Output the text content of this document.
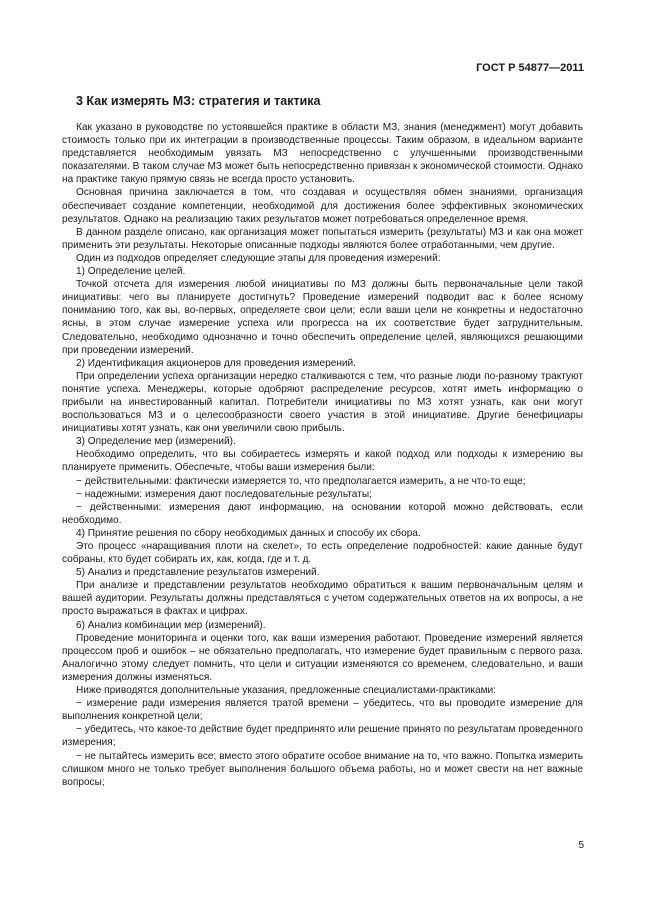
ГОСТ Р 54877—2011
3 Как измерять МЗ: стратегия и тактика

Как указано в руководстве по устоявшейся практике в области МЗ, знания (менеджмент) могут добавить стоимость только при их интеграции в производственные процессы. Таким образом, в идеальном варианте представляется необходимым увязать МЗ непосредственно с улучшенными производственными показателями. В таком случае МЗ может быть непосредственно привязан к экономической стоимости. Однако на практике такую прямую связь не всегда просто установить.

Основная причина заключается в том, что создавая и осуществляя обмен знаниями, организация обеспечивает создание компетенции, необходимой для достижения более эффективных экономических результатов. Однако на реализацию таких результатов может потребоваться определенное время.

В данном разделе описано, как организация может попытаться измерить (результаты) МЗ и как она может применить эти результаты. Некоторые описанные подходы являются более отработанными, чем другие.

Один из подходов определяет следующие этапы для проведения измерений:

1) Определение целей.

Точкой отсчета для измерения любой инициативы по МЗ должны быть первоначальные цели такой инициативы: чего вы планируете достигнуть? Проведение измерений подводит вас к более ясному пониманию того, как вы, во-первых, определяете свои цели; если ваши цели не конкретны и недостаточно ясны, в этом случае измерение успеха или прогресса на их соответствие будет затруднительным. Следовательно, необходимо однозначно и точно обеспечить определение целей, являющихся решающими при проведении измерений.

2) Идентификация акционеров для проведения измерений.

При определении успеха организации нередко сталкиваются с тем, что разные люди по-разному трактуют понятие успеха. Менеджеры, которые одобряют распределение ресурсов, хотят иметь информацию о прибыли на инвестированный капитал. Потребители инициативы по МЗ хотят узнать, как они могут воспользоваться МЗ и о целесообразности своего участия в этой инициативе. Другие бенефициары инициативы хотят узнать, как они увеличили свою прибыль.

3) Определение мер (измерений).

Необходимо определить, что вы собираетесь измерять и какой подход или подходы к измерению вы планируете применить. Обеспечьте, чтобы ваши измерения были:

− действительными: фактически измеряется то, что предполагается измерить, а не что-то еще;

− надежными: измерения дают последовательные результаты;

− действенными: измерения дают информацию, на основании которой можно действовать, если необходимо.

4) Принятие решения по сбору необходимых данных и способу их сбора.

Это процесс «наращивания плоти на скелет», то есть определение подробностей: какие данные будут собраны, кто будет собирать их, как, когда, где и т. д.

5) Анализ и представление результатов измерений.

При анализе и представлении результатов необходимо обратиться к вашим первоначальным целям и вашей аудитории. Результаты должны представляться с учетом содержательных ответов на их вопросы, а не просто выражаться в фактах и цифрах.

6) Анализ комбинации мер (измерений).

Проведение мониторинга и оценки того, как ваши измерения работают. Проведение измерений является процессом проб и ошибок – не обязательно предполагать, что измерение будет правильным с первого раза. Аналогично этому следует помнить, что цели и ситуации изменяются со временем, следовательно, и ваши измерения должны изменяться.

Ниже приводятся дополнительные указания, предложенные специалистами-практиками:

− измерение ради измерения является тратой времени – убедитесь, что вы проводите измерение для выполнения конкретной цели;

− убедитесь, что какое-то действие будет предпринято или решение принято по результатам проведенного измерения;

− не пытайтесь измерить все; вместо этого обратите особое внимание на то, что важно. Попытка измерить слишком много не только требует выполнения большого объема работы, но и может свести на нет важные вопросы;

5
